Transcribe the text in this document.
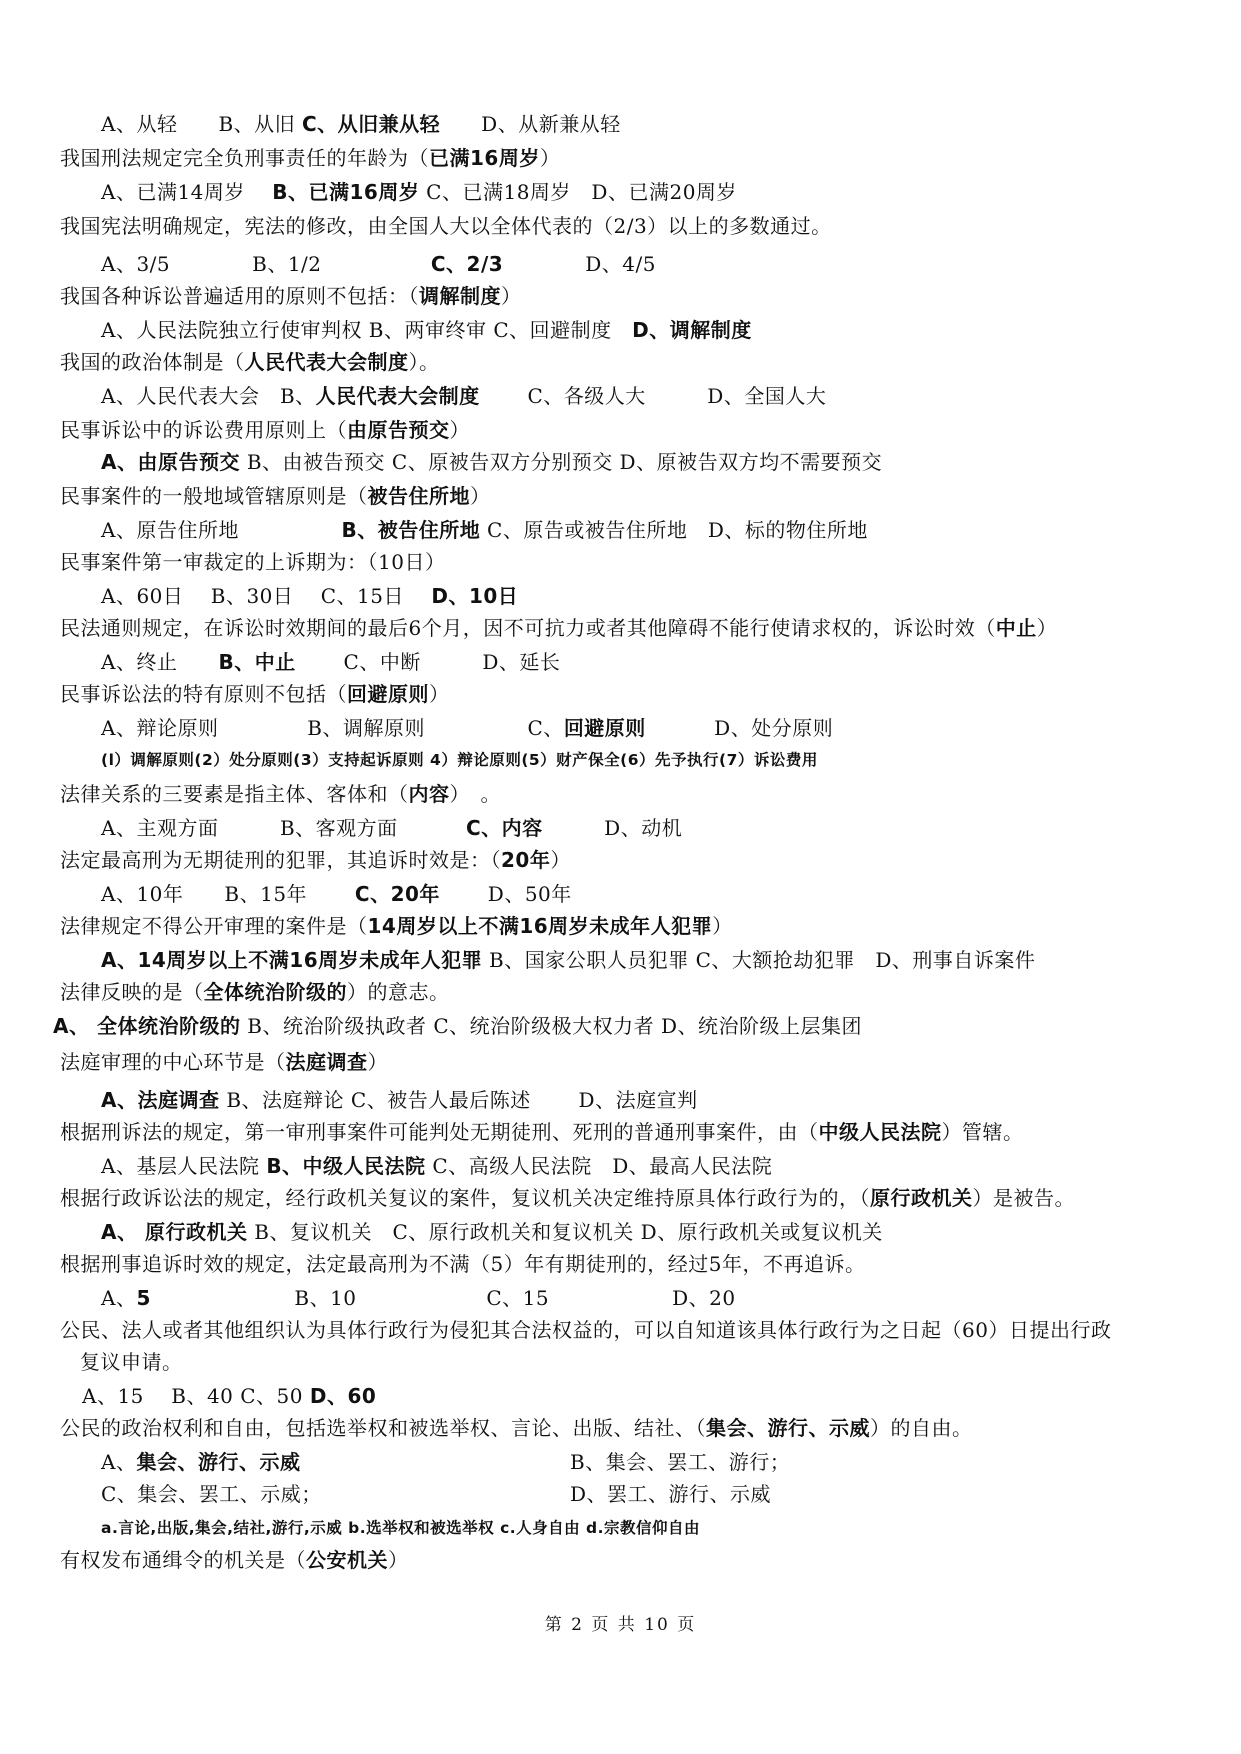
A、从轻　　B、从旧 C、从旧兼从轻　　D、从新兼从轻
我国刑法规定完全负刑事责任的年龄为（已满16周岁）
A、已满14周岁　 B、已满16周岁 C、已满18周岁　D、已满20周岁
我国宪法明确规定，宪法的修改，由全国人大以全体代表的（2/3）以上的多数通过。
A、3/5　　　　B、1/2　　　　　 C、2/3　　　　D、4/5
我国各种诉讼普遍适用的原则不包括：（调解制度）
A、人民法院独立行使审判权 B、两审终审 C、回避制度　D、调解制度
我国的政治体制是（人民代表大会制度）。
A、人民代表大会　B、人民代表大会制度　　 C、各级人大　　　D、全国人大
民事诉讼中的诉讼费用原则上（由原告预交）
A、由原告预交 B、由被告预交 C、原被告双方分别预交 D、原被告双方均不需要预交
民事案件的一般地域管辖原则是（被告住所地）
A、原告住所地　　　　　B、被告住所地 C、原告或被告住所地　D、标的物住所地
民事案件第一审裁定的上诉期为：（10日）
A、60日　 B、30日　 C、15日　 D、10日
民法通则规定，在诉讼时效期间的最后6个月，因不可抗力或者其他障碍不能行使请求权的，诉讼时效（中止）
A、终止　　B、中止　　 C、中断　　　D、延长
民事诉讼法的特有原则不包括（回避原则）
A、辩论原则　　　　 B、调解原则　　　　　C、回避原则　　　 D、处分原则
(l）调解原则(2）处分原则(3）支持起诉原则 4）辩论原则(5）财产保全(6）先予执行(7）诉讼费用
法律关系的三要素是指主体、客体和（内容）　。
A、主观方面　　　B、客观方面　　　 C、内容　　　D、动机
法定最高刑为无期徒刑的犯罪，其追诉时效是：（20年）
A、10年　　B、15年　　 C、20年　　 D、50年
法律规定不得公开审理的案件是（14周岁以上不满16周岁未成年人犯罪）
A、14周岁以上不满16周岁未成年人犯罪 B、国家公职人员犯罪 C、大额抢劫犯罪　D、刑事自诉案件
法律反映的是（全体统治阶级的）的意志。
A、 全体统治阶级的 B、统治阶级执政者 C、统治阶级极大权力者 D、统治阶级上层集团
法庭审理的中心环节是（法庭调查）
A、法庭调查 B、法庭辩论 C、被告人最后陈述　　 D、法庭宣判
根据刑诉法的规定，第一审刑事案件可能判处无期徒刑、死刑的普通刑事案件，由（中级人民法院）管辖。
A、基层人民法院 B、中级人民法院 C、高级人民法院　D、最高人民法院
根据行政诉讼法的规定，经行政机关复议的案件，复议机关决定维持原具体行政行为的，（原行政机关）是被告。
A、 原行政机关 B、复议机关　C、原行政机关和复议机关 D、原行政机关或复议机关
根据刑事追诉时效的规定，法定最高刑为不满（5）年有期徒刑的，经过5年，不再追诉。
A、5　　　　　　　B、10　　　　　　 C、15　　　　　　D、20
公民、法人或者其他组织认为具体行政行为侵犯其合法权益的，可以自知道该具体行政行为之日起（60）日提出行政
复议申请。
A、15　 B、40 C、50 D、60
公民的政治权利和自由，包括选举权和被选举权、言论、出版、结社、（集会、游行、示威）的自由。
A、集会、游行、示威	B、集会、罢工、游行；
C、集会、罢工、示威；	D、罢工、游行、示威
a.言论,出版,集会,结社,游行,示威 b.选举权和被选举权 c.人身自由 d.宗教信仰自由
有权发布通缉令的机关是（公安机关）
第 2 页 共 10 页
